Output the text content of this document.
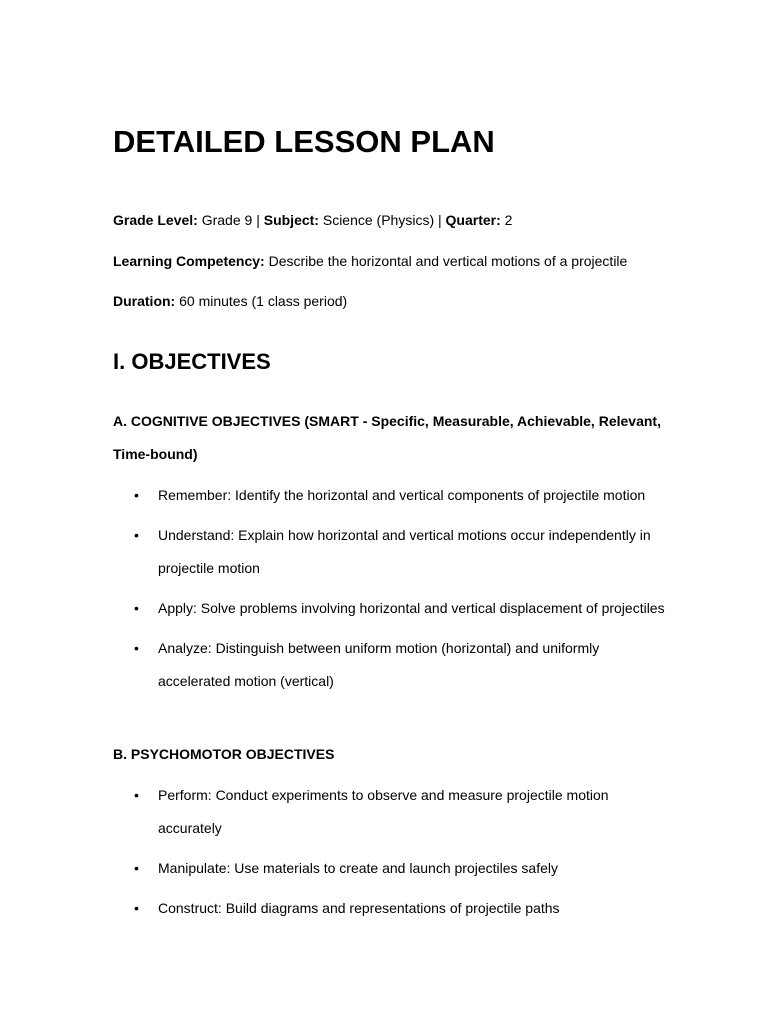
DETAILED LESSON PLAN
Grade Level: Grade 9 | Subject: Science (Physics) | Quarter: 2
Learning Competency: Describe the horizontal and vertical motions of a projectile
Duration: 60 minutes (1 class period)
I. OBJECTIVES
A. COGNITIVE OBJECTIVES (SMART - Specific, Measurable, Achievable, Relevant, Time-bound)
• Remember: Identify the horizontal and vertical components of projectile motion
• Understand: Explain how horizontal and vertical motions occur independently in projectile motion
• Apply: Solve problems involving horizontal and vertical displacement of projectiles
• Analyze: Distinguish between uniform motion (horizontal) and uniformly accelerated motion (vertical)
B. PSYCHOMOTOR OBJECTIVES
• Perform: Conduct experiments to observe and measure projectile motion accurately
• Manipulate: Use materials to create and launch projectiles safely
• Construct: Build diagrams and representations of projectile paths
